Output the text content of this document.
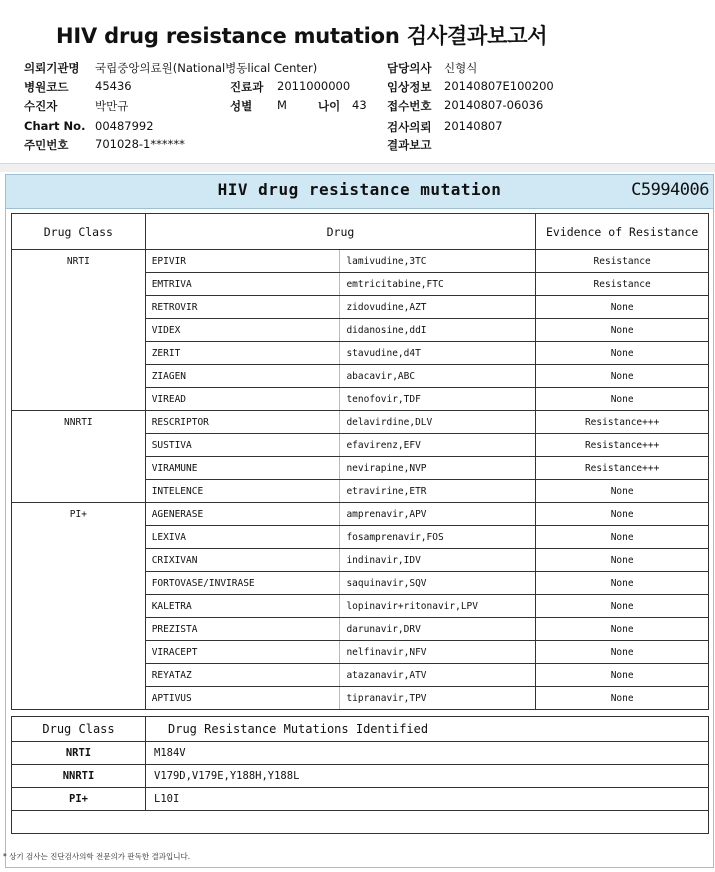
HIV drug resistance mutation 검사결과보고서
의뢰기관명 국립중앙의료원(National병동lical Center)	담당의사 신형식
병원코드 45436	진료과 2011000000	임상정보 20140807E100200
수진자	박만규	성별 M	나이 43 접수번호 20140807-06036
Chart No. 00487992	검사의뢰 20140807
주민번호 701028-1******	결과보고
HIV drug resistance mutation	C5994006
Drug Class	Drug		Evidence of Resistance
NRTI	EPIVIR	lamivudine,3TC	Resistance
	EMTRIVA	emtricitabine,FTC	Resistance
	RETROVIR	zidovudine,AZT	None
	VIDEX	didanosine,ddI	None
	ZERIT	stavudine,d4T	None
	ZIAGEN	abacavir,ABC	None
	VIREAD	tenofovir,TDF	None
NNRTI	RESCRIPTOR	delavirdine,DLV	Resistance+++
	SUSTIVA	efavirenz,EFV	Resistance+++
	VIRAMUNE	nevirapine,NVP	Resistance+++
	INTELENCE	etravirine,ETR	None
PI+	AGENERASE	amprenavir,APV	None
	LEXIVA	fosamprenavir,FOS	None
	CRIXIVAN	indinavir,IDV	None
	FORTOVASE/INVIRASE	saquinavir,SQV	None
	KALETRA	lopinavir+ritonavir,LPV	None
	PREZISTA	darunavir,DRV	None
	VIRACEPT	nelfinavir,NFV	None
	REYATAZ	atazanavir,ATV	None
	APTIVUS	tipranavir,TPV	None
Drug Class	Drug Resistance Mutations Identified
NRTI	M184V
NNRTI	V179D,V179E,Y188H,Y188L
PI+	L10I

* 상기 검사는 진단검사의학 전문의가 판독한 결과입니다.
